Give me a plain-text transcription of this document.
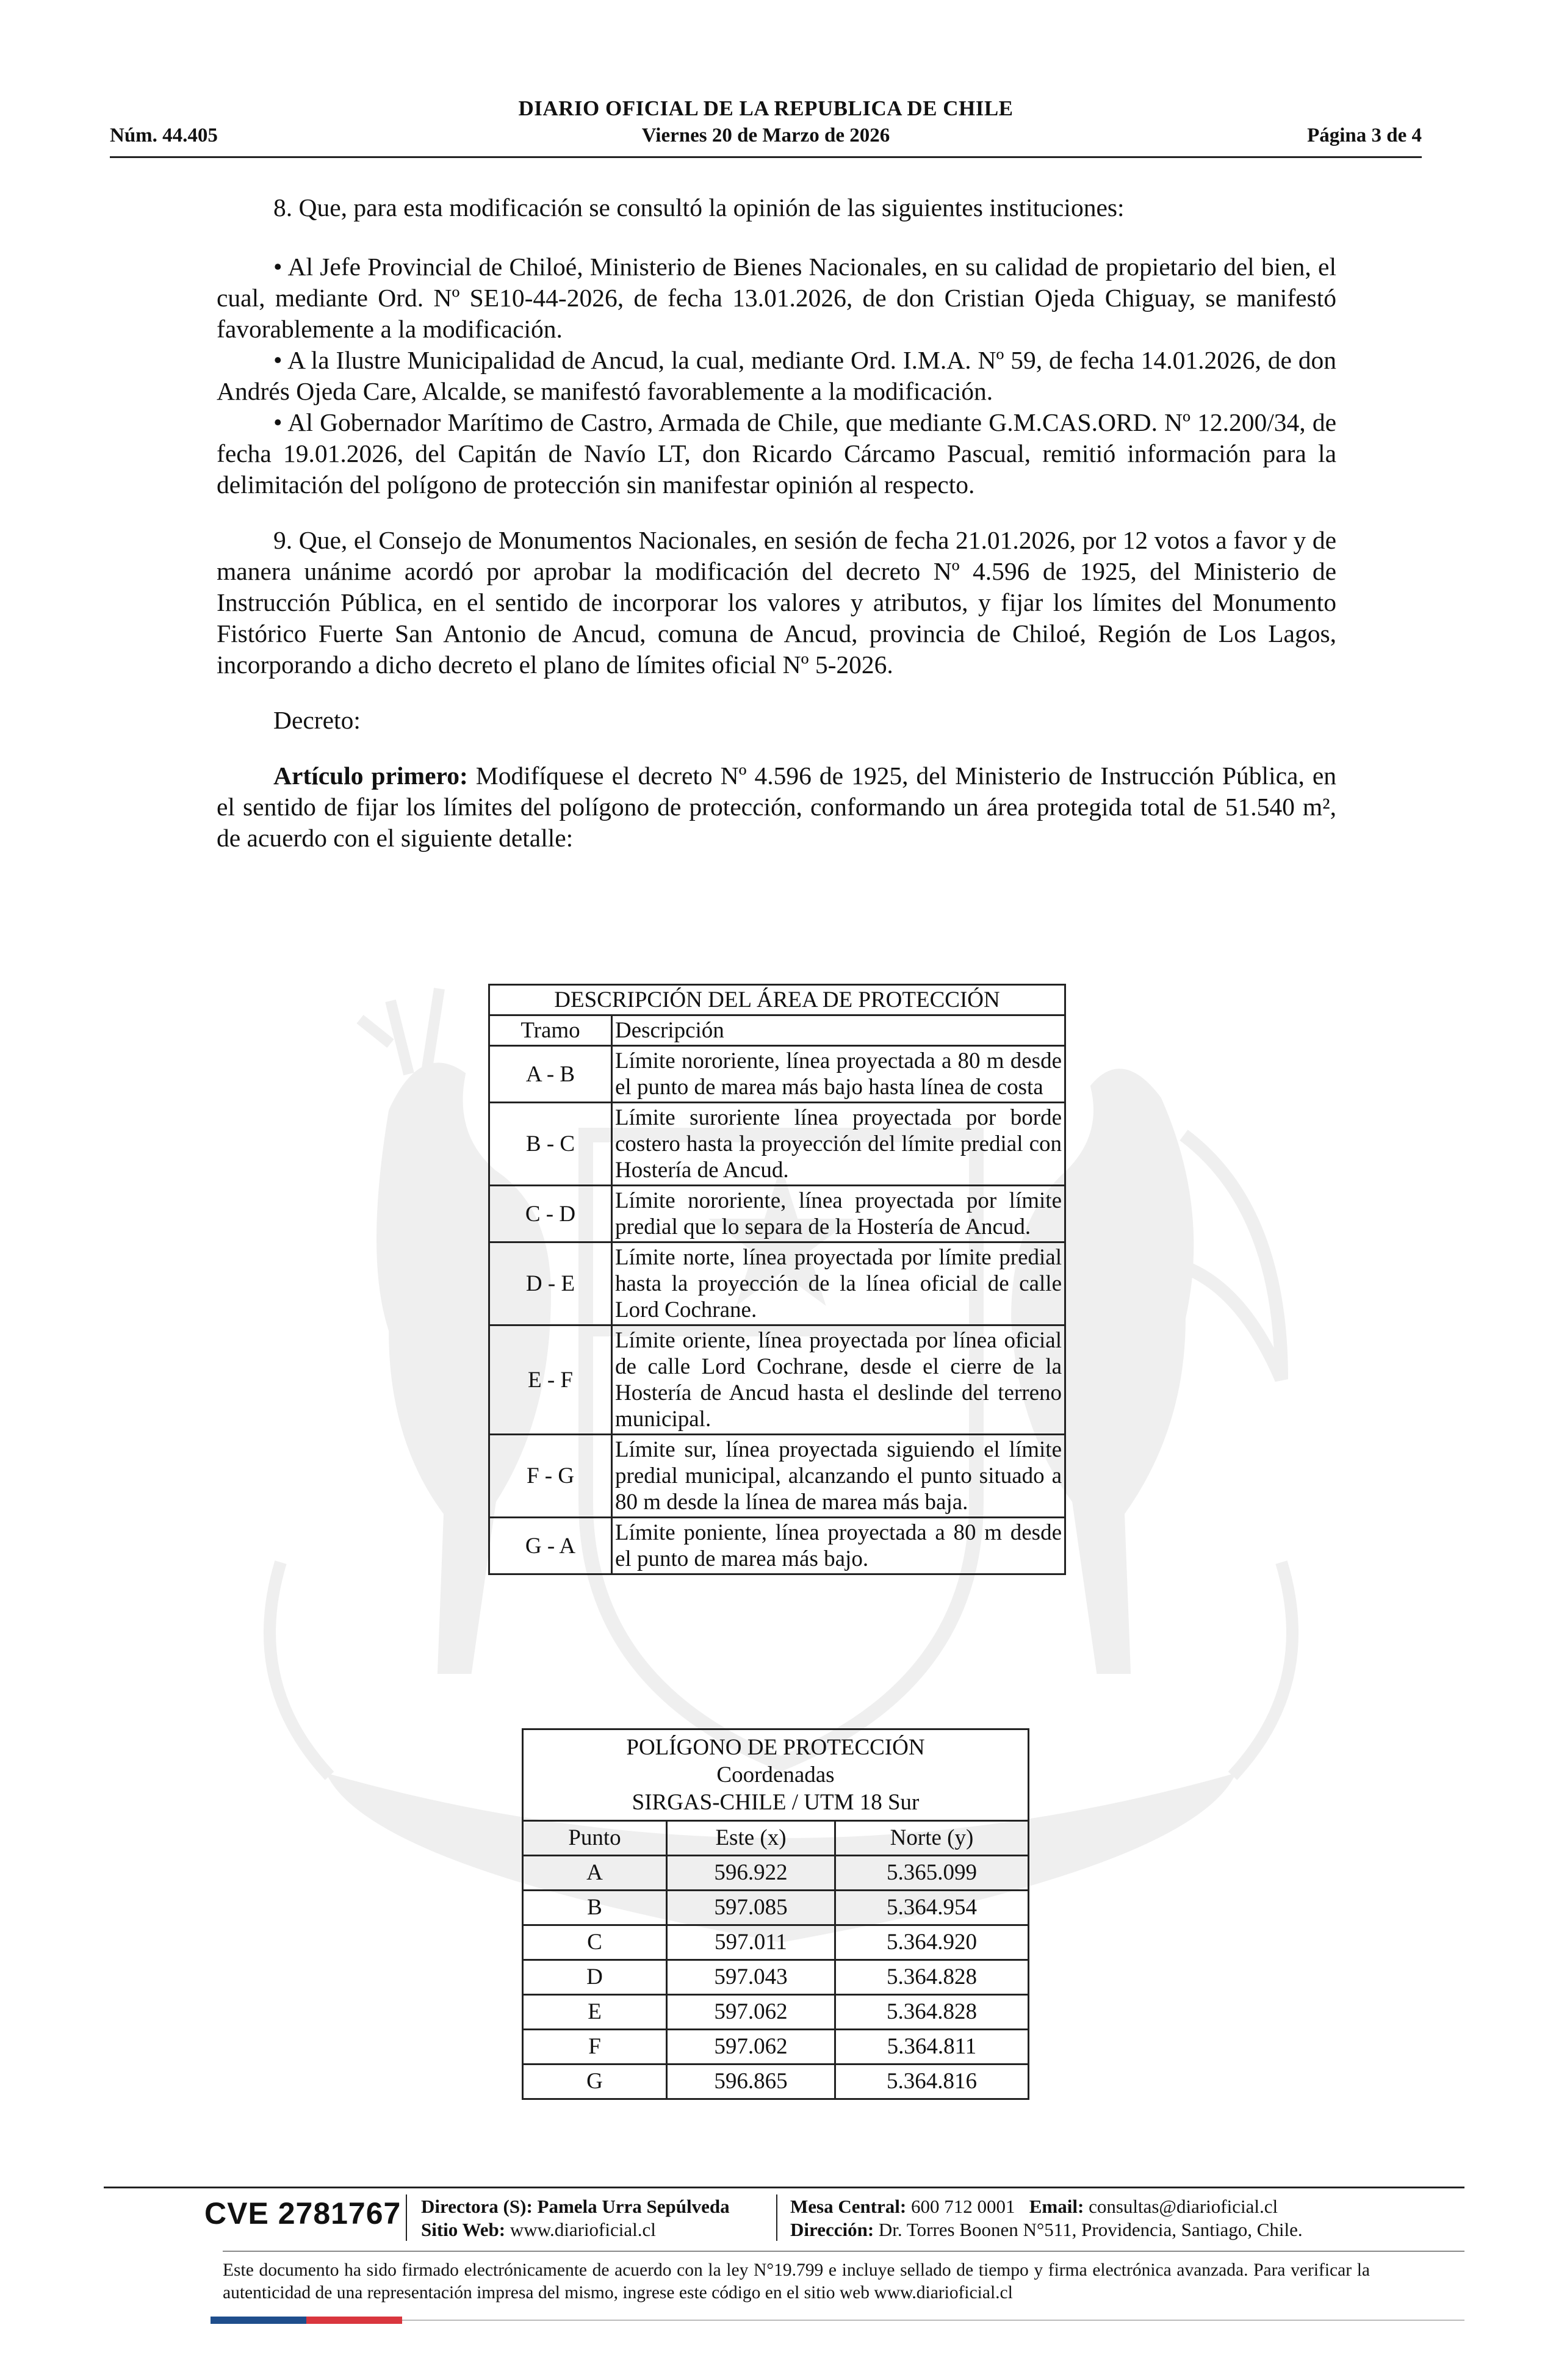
DIARIO OFICIAL DE LA REPUBLICA DE CHILE
Núm. 44.405	Viernes 20 de Marzo de 2026	Página 3 de 4

8. Que, para esta modificación se consultó la opinión de las siguientes instituciones:

• Al Jefe Provincial de Chiloé, Ministerio de Bienes Nacionales, en su calidad de propietario del bien, el cual, mediante Ord. Nº SE10-44-2026, de fecha 13.01.2026, de don Cristian Ojeda Chiguay, se manifestó favorablemente a la modificación.

• A la Ilustre Municipalidad de Ancud, la cual, mediante Ord. I.M.A. Nº 59, de fecha 14.01.2026, de don Andrés Ojeda Care, Alcalde, se manifestó favorablemente a la modificación.

• Al Gobernador Marítimo de Castro, Armada de Chile, que mediante G.M.CAS.ORD. Nº 12.200/34, de fecha 19.01.2026, del Capitán de Navío LT, don Ricardo Cárcamo Pascual, remitió información para la delimitación del polígono de protección sin manifestar opinión al respecto.

9. Que, el Consejo de Monumentos Nacionales, en sesión de fecha 21.01.2026, por 12 votos a favor y de manera unánime acordó por aprobar la modificación del decreto Nº 4.596 de 1925, del Ministerio de Instrucción Pública, en el sentido de incorporar los valores y atributos, y fijar los límites del Monumento Fistórico Fuerte San Antonio de Ancud, comuna de Ancud, provincia de Chiloé, Región de Los Lagos, incorporando a dicho decreto el plano de límites oficial Nº 5-2026.

Decreto:

Artículo primero: Modifíquese el decreto Nº 4.596 de 1925, del Ministerio de Instrucción Pública, en el sentido de fijar los límites del polígono de protección, conformando un área protegida total de 51.540 m², de acuerdo con el siguiente detalle:

DESCRIPCIÓN DEL ÁREA DE PROTECCIÓN	
Tramo	Descripción
A - B	Límite nororiente, línea proyectada a 80 m desde el punto de marea más bajo hasta línea de costa
B - C	Límite suroriente línea proyectada por borde costero hasta la proyección del límite predial con Hostería de Ancud.
C - D	Límite nororiente, línea proyectada por límite predial que lo separa de la Hostería de Ancud.
D - E	Límite norte, línea proyectada por límite predial hasta la proyección de la línea oficial de calle Lord Cochrane.
E - F	Límite oriente, línea proyectada por línea oficial de calle Lord Cochrane, desde el cierre de la Hostería de Ancud hasta el deslinde del terreno municipal.
F - G	Límite sur, línea proyectada siguiendo el límite predial municipal, alcanzando el punto situado a 80 m desde la línea de marea más baja.
G - A	Límite poniente, línea proyectada a 80 m desde el punto de marea más bajo.
POLÍGONO DE PROTECCIÓN
Coordenadas
SIRGAS-CHILE / UTM 18 Sur		

Punto	Este (x)	Norte (y)
A	596.922	5.365.099
B	597.085	5.364.954
C	597.011	5.364.920
D	597.043	5.364.828
E	597.062	5.364.828
F	597.062	5.364.811
G	596.865	5.364.816
CVE 2781767 Directora (S): Pamela Urra Sepúlveda
Sitio Web: www.diarioficial.cl
Mesa Central: 600 712 0001 Email: consultas@diarioficial.cl
Dirección: Dr. Torres Boonen N°511, Providencia, Santiago, Chile.
Este documento ha sido firmado electrónicamente de acuerdo con la ley N°19.799 e incluye sellado de tiempo y firma electrónica avanzada. Para verificar la autenticidad de una representación impresa del mismo, ingrese este código en el sitio web www.diarioficial.cl
